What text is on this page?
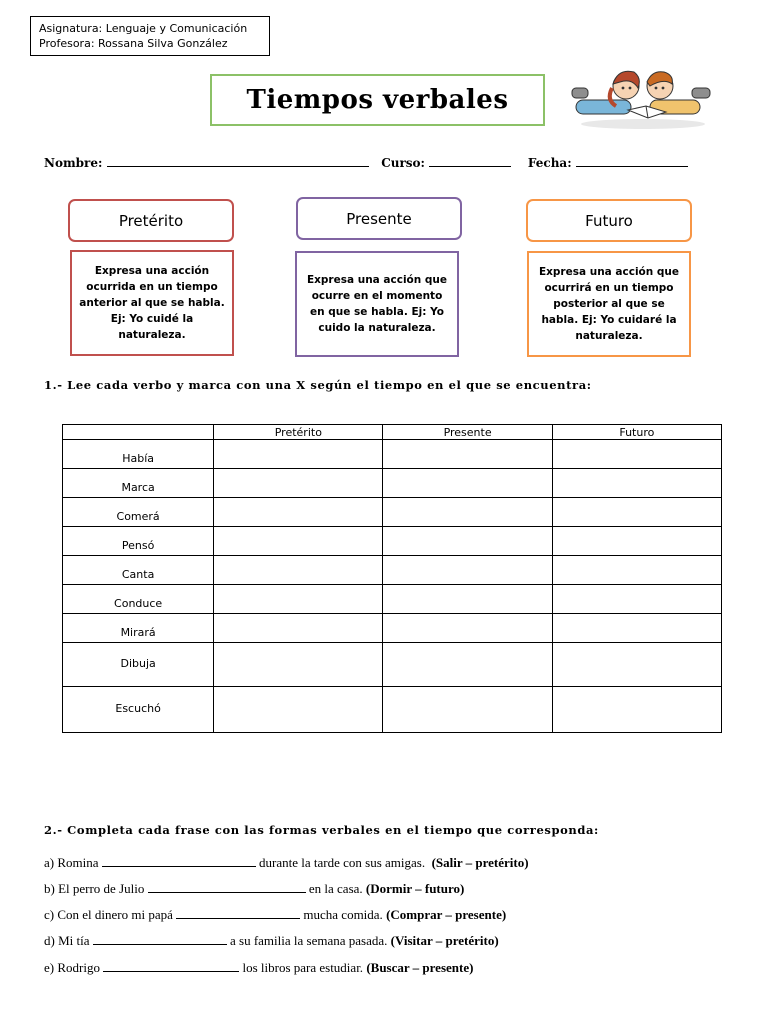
Asignatura: Lenguaje y Comunicación
Profesora: Rossana Silva González
Tiempos verbales
Nombre:	Curso:	Fecha:
Pretérito	Presente	Futuro
Expresa una acción ocurrida en un tiempo anterior al que se habla. Ej: Yo cuidé la naturaleza.
Expresa una acción que ocurre en el momento en que se habla. Ej: Yo cuido la naturaleza.
Expresa una acción que ocurrirá en un tiempo posterior al que se habla. Ej: Yo cuidaré la naturaleza.
1.- Lee cada verbo y marca con una X según el tiempo en el que se encuentra:
	Pretérito	Presente	Futuro
Había			
Marca			
Comerá			
Pensó			
Canta			
Conduce			
Mirará			
Dibuja			
Escuchó			
2.- Completa cada frase con las formas verbales en el tiempo que corresponda:
a) Romina	durante la tarde con sus amigas. (Salir – pretérito)
b) El perro de Julio	en la casa. (Dormir – futuro)
c) Con el dinero mi papá	mucha comida. (Comprar – presente)
d) Mi tía	a su familia la semana pasada. (Visitar – pretérito)
e) Rodrigo	los libros para estudiar. (Buscar – presente)
